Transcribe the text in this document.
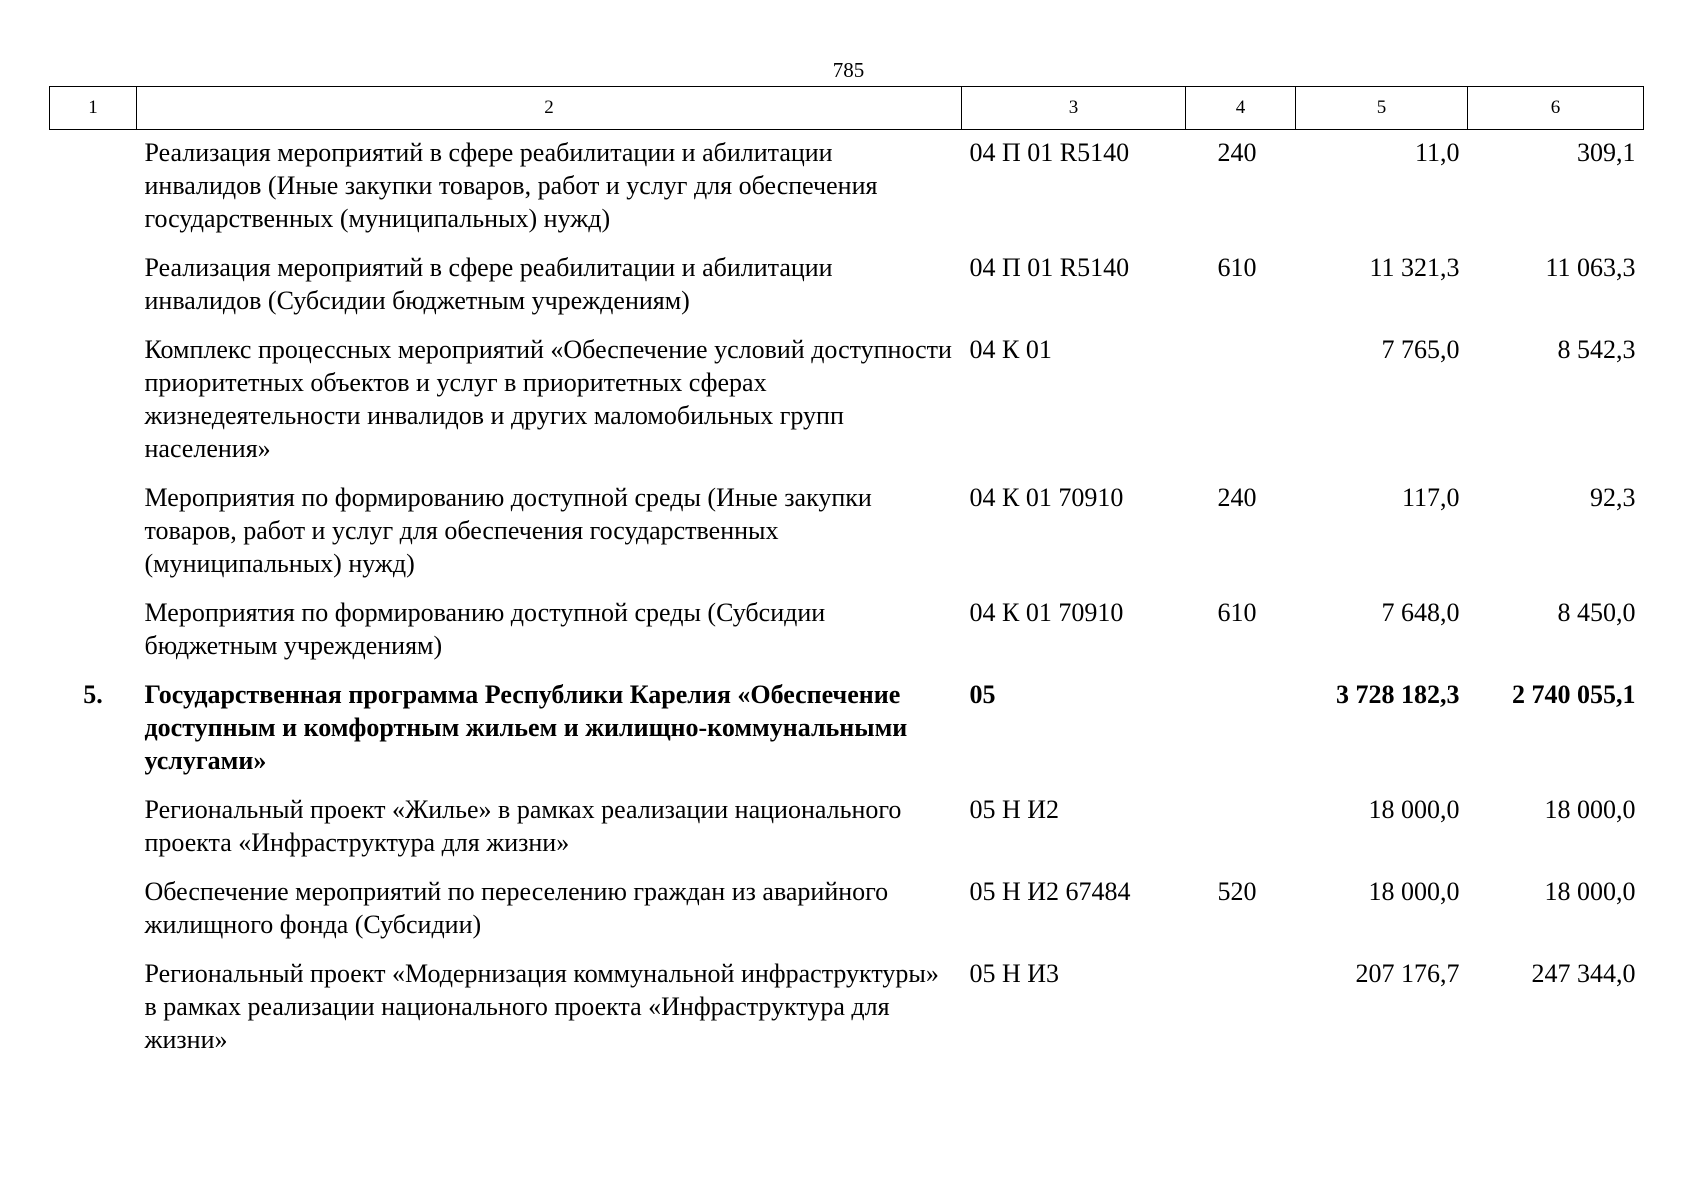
785
1	2	3	4	5	6
	Реализация мероприятий в сфере реабилитации и абилитации инвалидов (Иные закупки товаров, работ и услуг для обеспечения государственных (муниципальных) нужд)	04 П 01 R5140	240	11,0	309,1
	Реализация мероприятий в сфере реабилитации и абилитации инвалидов (Субсидии бюджетным учреждениям)	04 П 01 R5140	610	11 321,3	11 063,3
	Комплекс процессных мероприятий «Обеспечение условий доступности приоритетных объектов и услуг в приоритетных сферах жизнедеятельности инвалидов и других маломобильных групп населения»	04 К 01		7 765,0	8 542,3
	Мероприятия по формированию доступной среды (Иные закупки товаров, работ и услуг для обеспечения государственных (муниципальных) нужд)	04 К 01 70910	240	117,0	92,3
	Мероприятия по формированию доступной среды (Субсидии бюджетным учреждениям)	04 К 01 70910	610	7 648,0	8 450,0
5.	Государственная программа Республики Карелия «Обеспечение доступным и комфортным жильем и жилищно-коммунальными услугами»	05		3 728 182,3	2 740 055,1
	Региональный проект «Жилье» в рамках реализации национального проекта «Инфраструктура для жизни»	05 Н И2		18 000,0	18 000,0
	Обеспечение мероприятий по переселению граждан из аварийного жилищного фонда (Субсидии)	05 Н И2 67484	520	18 000,0	18 000,0
	Региональный проект «Модернизация коммунальной инфраструктуры» в рамках реализации национального проекта «Инфраструктура для жизни»	05 Н И3		207 176,7	247 344,0
